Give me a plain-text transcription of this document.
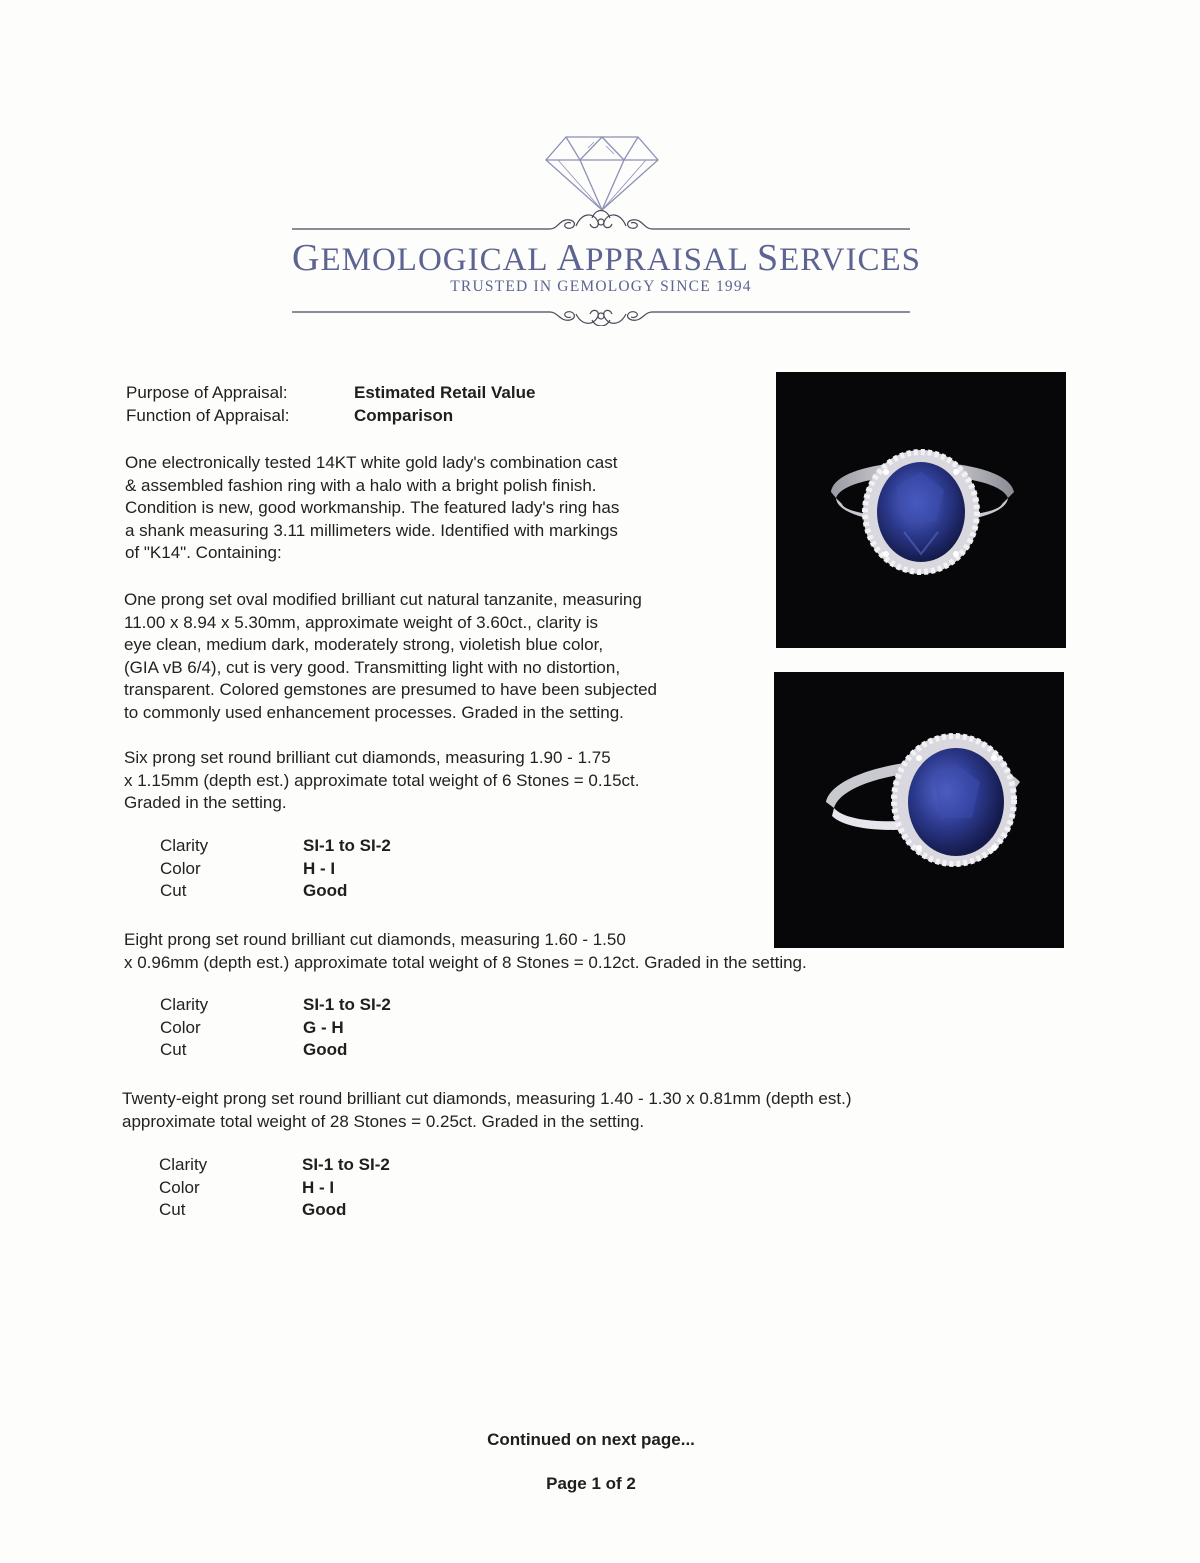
GEMOLOGICAL APPRAISAL SERVICES
TRUSTED IN GEMOLOGY SINCE 1994
Purpose of Appraisal:	Estimated Retail Value
Function of Appraisal:	Comparison

One electronically tested 14KT white gold lady's combination cast

& assembled fashion ring with a halo with a bright polish finish.

Condition is new, good workmanship. The featured lady's ring has

a shank measuring 3.11 millimeters wide. Identified with markings

of "K14". Containing:

One prong set oval modified brilliant cut natural tanzanite, measuring

11.00 x 8.94 x 5.30mm, approximate weight of 3.60ct., clarity is

eye clean, medium dark, moderately strong, violetish blue color,

(GIA vB 6/4), cut is very good. Transmitting light with no distortion,

transparent. Colored gemstones are presumed to have been subjected

to commonly used enhancement processes. Graded in the setting.

Six prong set round brilliant cut diamonds, measuring 1.90 - 1.75

x 1.15mm (depth est.) approximate total weight of 6 Stones = 0.15ct.

Graded in the setting.

Clarity	SI-1 to SI-2
Color	H - I
Cut	Good

Eight prong set round brilliant cut diamonds, measuring 1.60 - 1.50

x 0.96mm (depth est.) approximate total weight of 8 Stones = 0.12ct. Graded in the setting.

Clarity	SI-1 to SI-2
Color	G - H
Cut	Good

Twenty-eight prong set round brilliant cut diamonds, measuring 1.40 - 1.30 x 0.81mm (depth est.)

approximate total weight of 28 Stones = 0.25ct. Graded in the setting.

Clarity	SI-1 to SI-2
Color	H - I
Cut	Good
Continued on next page...
Page 1 of 2
